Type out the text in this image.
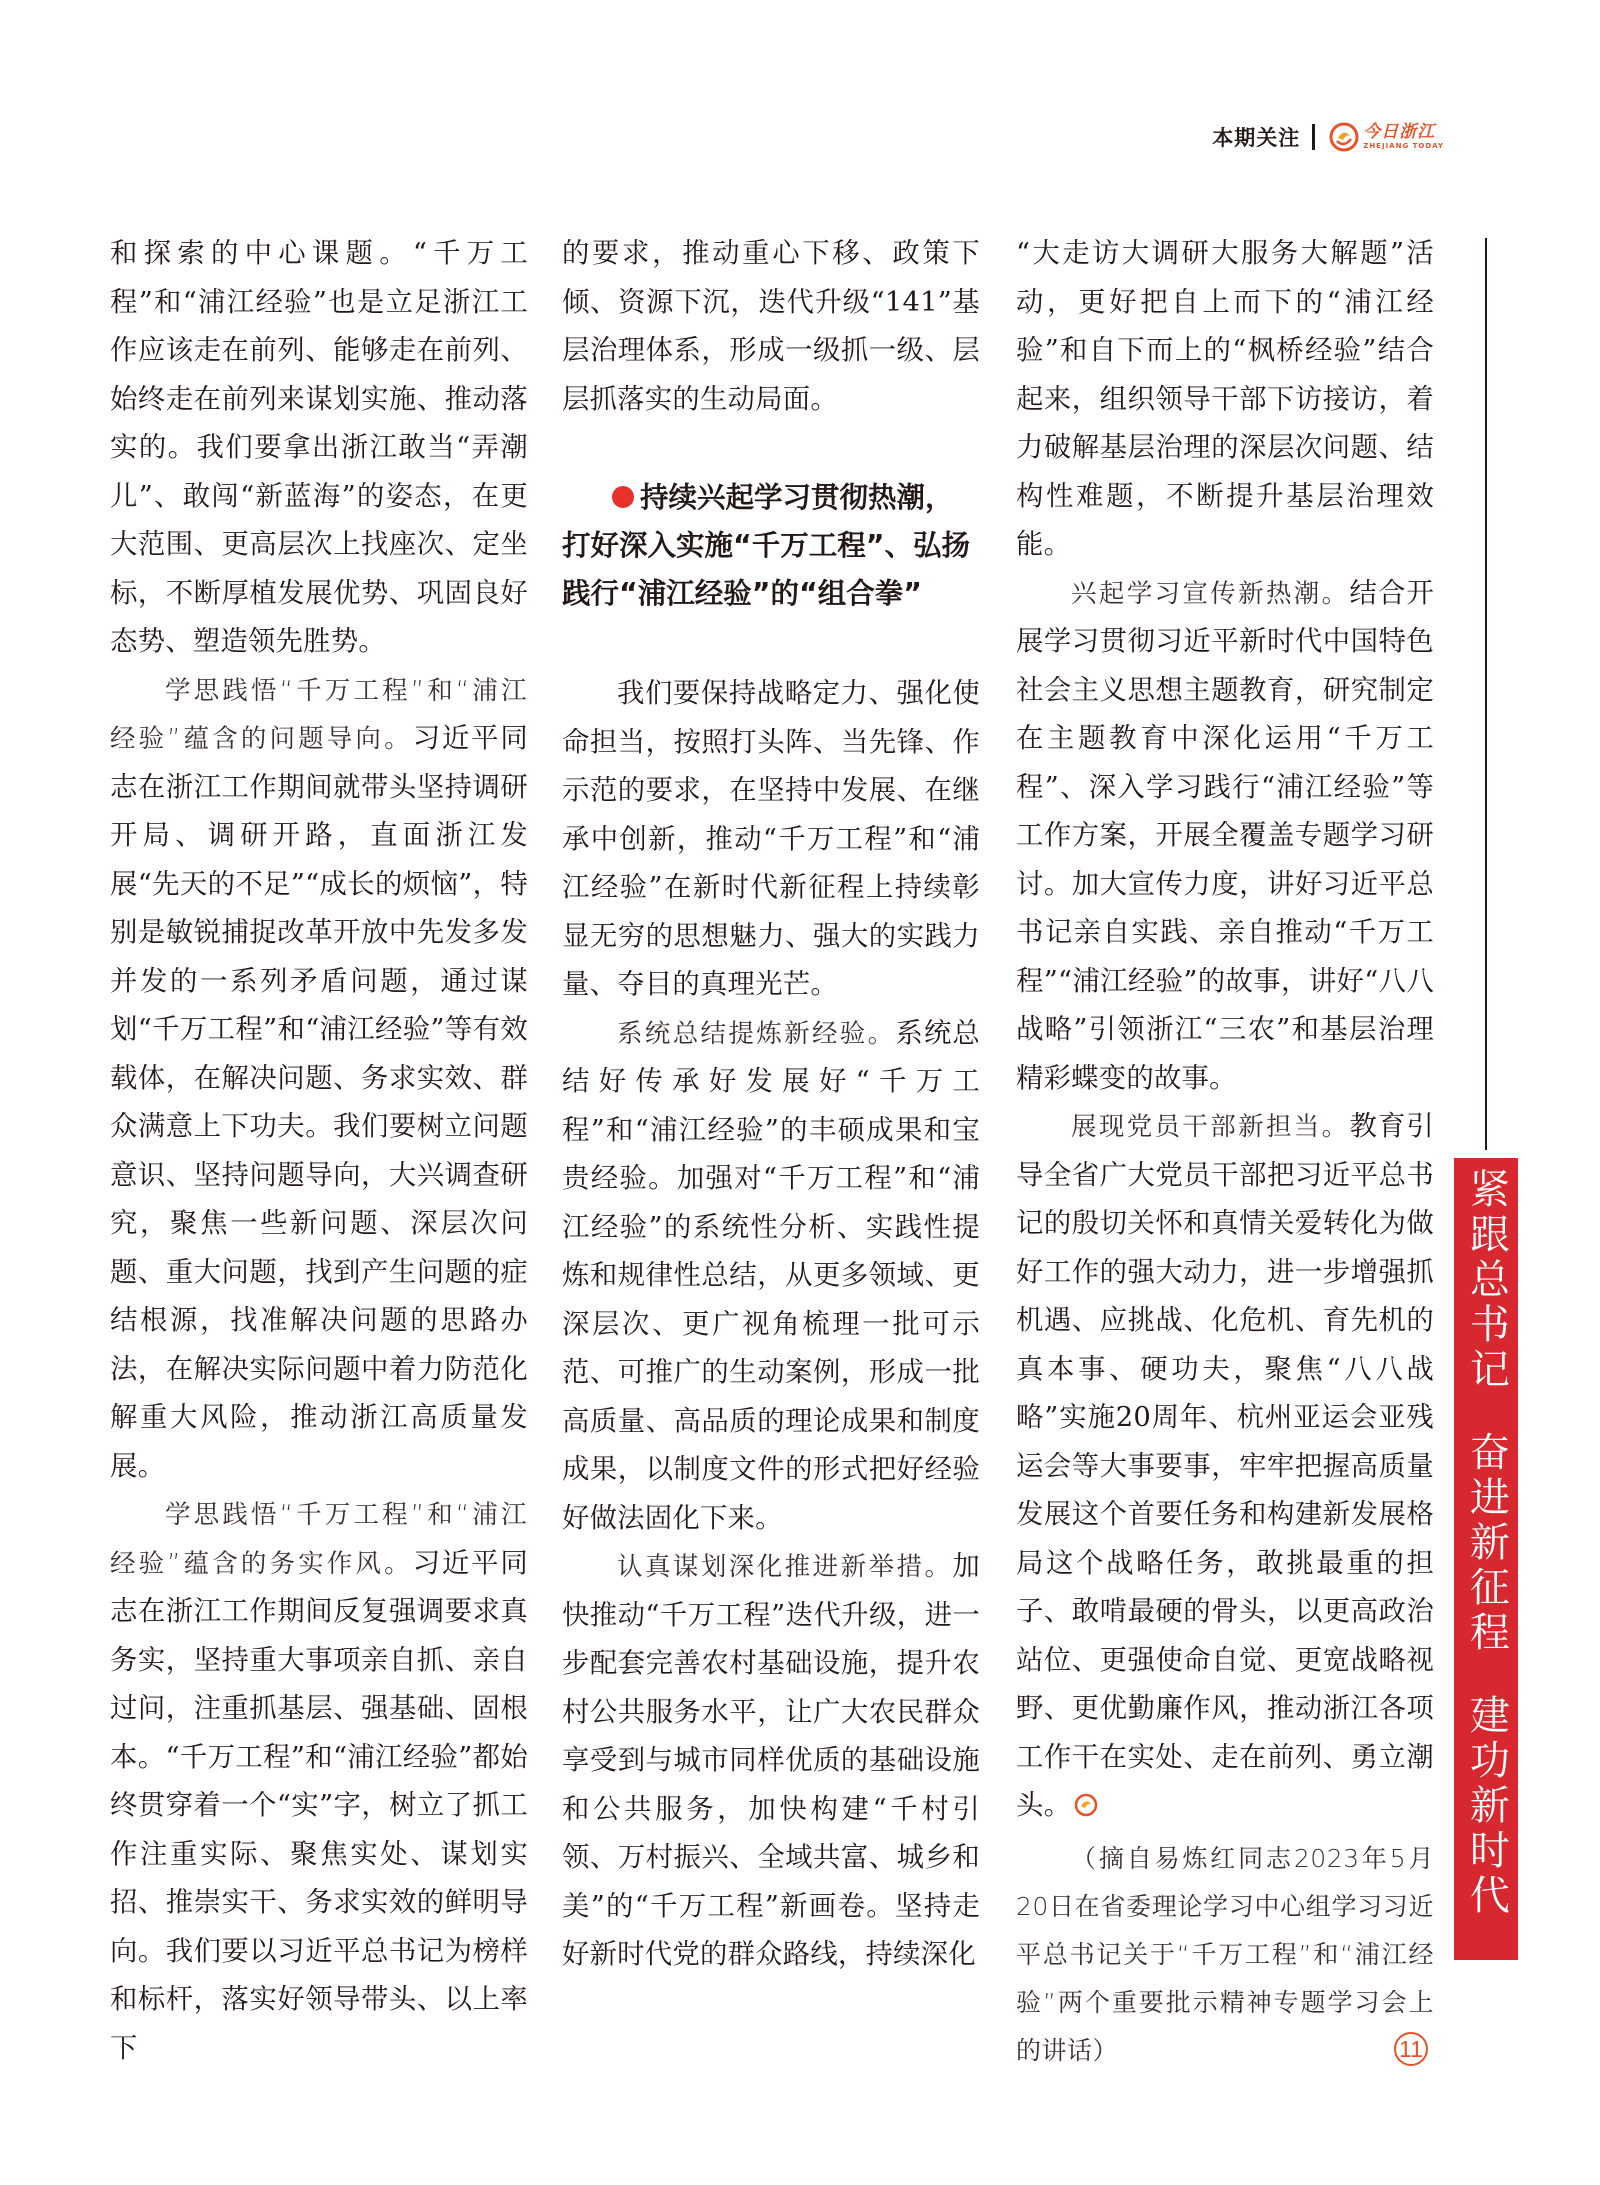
本期关注	今日浙江
ZHEJIANG TODAY

和探索的中心课题。“千万工程”和“浦江经验”也是立足浙江工作应该走在前列、能够走在前列、始终走在前列来谋划实施、推动落实的。我们要拿出浙江敢当“弄潮儿”、敢闯“新蓝海”的姿态，在更大范围、更高层次上找座次、定坐标，不断厚植发展优势、巩固良好态势、塑造领先胜势。

学思践悟“千万工程”和“浦江经验”蕴含的问题导向。习近平同志在浙江工作期间就带头坚持调研开局、调研开路，直面浙江发展“先天的不足”“成长的烦恼”，特别是敏锐捕捉改革开放中先发多发并发的一系列矛盾问题，通过谋划“千万工程”和“浦江经验”等有效载体，在解决问题、务求实效、群众满意上下功夫。我们要树立问题意识、坚持问题导向，大兴调查研究，聚焦一些新问题、深层次问题、重大问题，找到产生问题的症结根源，找准解决问题的思路办法，在解决实际问题中着力防范化解重大风险，推动浙江高质量发展。

学思践悟“千万工程”和“浦江经验”蕴含的务实作风。习近平同志在浙江工作期间反复强调要求真务实，坚持重大事项亲自抓、亲自过问，注重抓基层、强基础、固根本。“千万工程”和“浦江经验”都始终贯穿着一个“实”字，树立了抓工作注重实际、聚焦实处、谋划实招、推崇实干、务求实效的鲜明导向。我们要以习近平总书记为榜样和标杆，落实好领导带头、以上率下

的要求，推动重心下移、政策下倾、资源下沉，迭代升级“141”基层治理体系，形成一级抓一级、层层抓落实的生动局面。

持续兴起学习贯彻热潮，打好深入实施“千万工程”、弘扬践行“浦江经验”的“组合拳”

我们要保持战略定力、强化使命担当，按照打头阵、当先锋、作示范的要求，在坚持中发展、在继承中创新，推动“千万工程”和“浦江经验”在新时代新征程上持续彰显无穷的思想魅力、强大的实践力量、夺目的真理光芒。

系统总结提炼新经验。系统总结好传承好发展好“千万工程”和“浦江经验”的丰硕成果和宝贵经验。加强对“千万工程”和“浦江经验”的系统性分析、实践性提炼和规律性总结，从更多领域、更深层次、更广视角梳理一批可示范、可推广的生动案例，形成一批高质量、高品质的理论成果和制度成果，以制度文件的形式把好经验好做法固化下来。

认真谋划深化推进新举措。加快推动“千万工程”迭代升级，进一步配套完善农村基础设施，提升农村公共服务水平，让广大农民群众享受到与城市同样优质的基础设施和公共服务，加快构建“千村引领、万村振兴、全域共富、城乡和美”的“千万工程”新画卷。坚持走好新时代党的群众路线，持续深化

“大走访大调研大服务大解题”活动，更好把自上而下的“浦江经验”和自下而上的“枫桥经验”结合起来，组织领导干部下访接访，着力破解基层治理的深层次问题、结构性难题，不断提升基层治理效能。

兴起学习宣传新热潮。结合开展学习贯彻习近平新时代中国特色社会主义思想主题教育，研究制定在主题教育中深化运用“千万工程”、深入学习践行“浦江经验”等工作方案，开展全覆盖专题学习研讨。加大宣传力度，讲好习近平总书记亲自实践、亲自推动“千万工程”“浦江经验”的故事，讲好“八八战略”引领浙江“三农”和基层治理精彩蝶变的故事。

展现党员干部新担当。教育引导全省广大党员干部把习近平总书记的殷切关怀和真情关爱转化为做好工作的强大动力，进一步增强抓机遇、应挑战、化危机、育先机的真本事、硬功夫，聚焦“八八战略”实施20周年、杭州亚运会亚残运会等大事要事，牢牢把握高质量发展这个首要任务和构建新发展格局这个战略任务，敢挑最重的担子、敢啃最硬的骨头，以更高政治站位、更强使命自觉、更宽战略视野、更优勤廉作风，推动浙江各项工作干在实处、走在前列、勇立潮头。

（摘自易炼红同志2023年5月20日在省委理论学习中心组学习习近平总书记关于“千万工程”和“浦江经验”两个重要批示精神专题学习会上的讲话）

紧跟总书记
奋进新征程
建功新时代
11
